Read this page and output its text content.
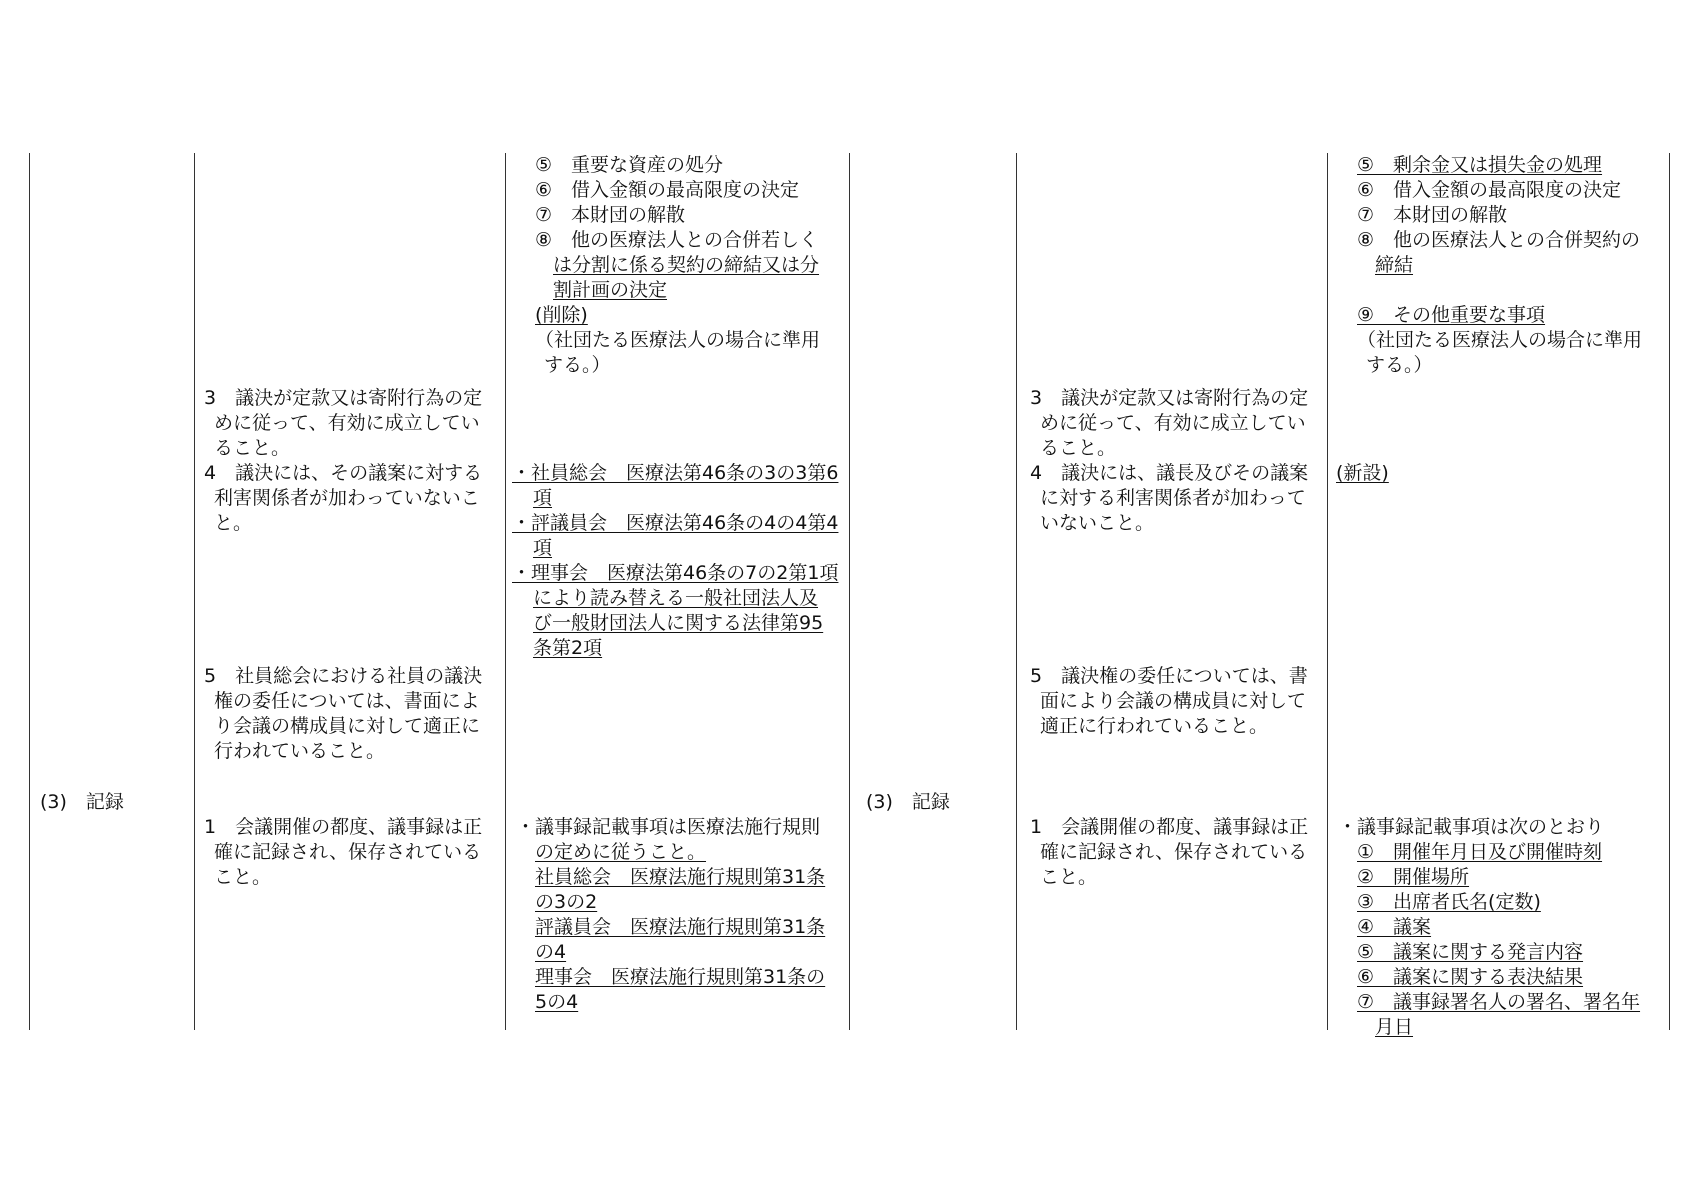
(3)　記録
3　議決が定款又は寄附行為の定
めに従って、有効に成立してい
ること。
4　議決には、その議案に対する
利害関係者が加わっていないこ
と。
5　社員総会における社員の議決
権の委任については、書面によ
り会議の構成員に対して適正に
行われていること。
1　会議開催の都度、議事録は正
確に記録され、保存されている
こと。
⑤　重要な資産の処分
⑥　借入金額の最高限度の決定
⑦　本財団の解散
⑧　他の医療法人との合併若しく
は分割に係る契約の締結又は分
割計画の決定
(削除)
（社団たる医療法人の場合に準用
する。）
・社員総会　医療法第46条の3の3第6
項
・評議員会　医療法第46条の4の4第4
項
・理事会　医療法第46条の7の2第1項
により読み替える一般社団法人及
び一般財団法人に関する法律第95
条第2項
・議事録記載事項は医療法施行規則
の定めに従うこと。
社員総会　医療法施行規則第31条
の3の2
評議員会　医療法施行規則第31条
の4
理事会　医療法施行規則第31条の
5の4
(3)　記録
3　議決が定款又は寄附行為の定
めに従って、有効に成立してい
ること。
4　議決には、議長及びその議案
に対する利害関係者が加わって
いないこと。
5　議決権の委任については、書
面により会議の構成員に対して
適正に行われていること。
1　会議開催の都度、議事録は正
確に記録され、保存されている
こと。
⑤　剰余金又は損失金の処理
⑥　借入金額の最高限度の決定
⑦　本財団の解散
⑧　他の医療法人との合併契約の
締結
⑨　その他重要な事項
（社団たる医療法人の場合に準用
する。）
(新設)
・議事録記載事項は次のとおり
①　開催年月日及び開催時刻
②　開催場所
③　出席者氏名(定数)
④　議案
⑤　議案に関する発言内容
⑥　議案に関する表決結果
⑦　議事録署名人の署名、署名年
月日
